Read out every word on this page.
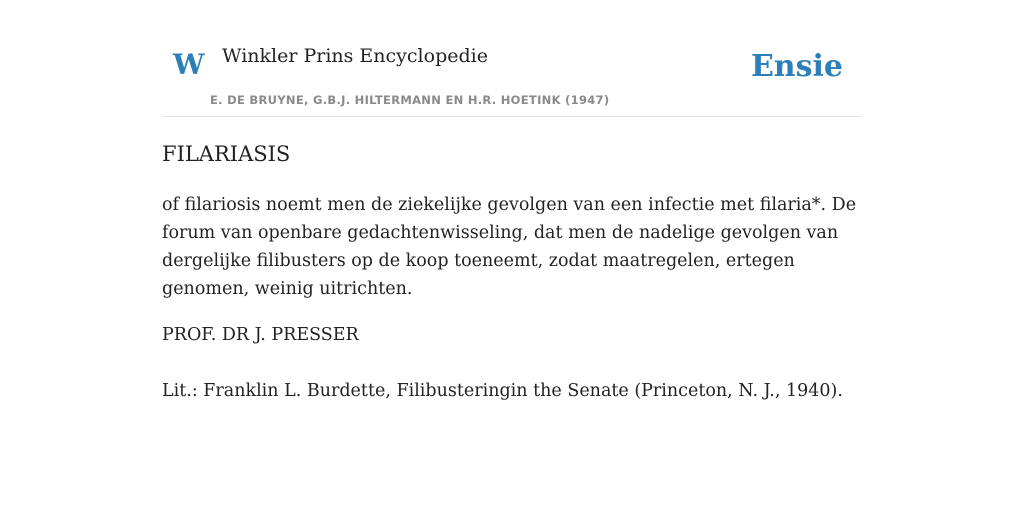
W Winkler Prins Encyclopedie
E. DE BRUYNE, G.B.J. HILTERMANN EN H.R. HOETINK (1947)
Ensie
FILARIASIS

of filariosis noemt men de ziekelijke gevolgen van een infectie met filaria*. De forum van openbare gedachtenwisseling, dat men de nadelige gevolgen van dergelijke filibusters op de koop toeneemt, zodat maatregelen, ertegen genomen, weinig uitrichten.

PROF. DR J. PRESSER

Lit.: Franklin L. Burdette, Filibusteringin the Senate (Princeton, N. J., 1940).
